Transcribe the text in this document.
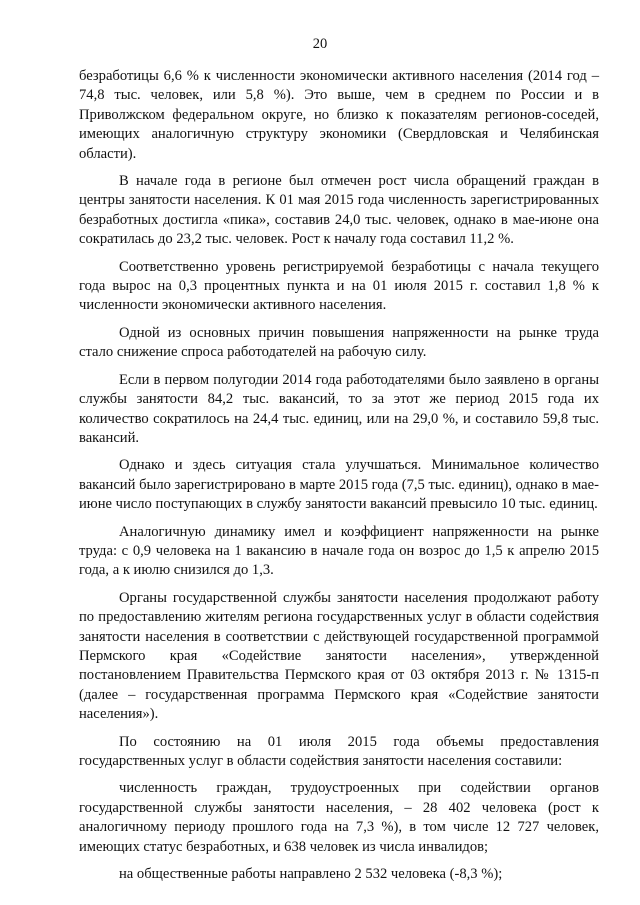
20

безработицы 6,6 % к численности экономически активного населения (2014 год – 74,8 тыс. человек, или 5,8 %). Это выше, чем в среднем по России и в Приволжском федеральном округе, но близко к показателям регионов-соседей, имеющих аналогичную структуру экономики (Свердловская и Челябинская области).

В начале года в регионе был отмечен рост числа обращений граждан в центры занятости населения. К 01 мая 2015 года численность зарегистрированных безработных достигла «пика», составив 24,0 тыс. человек, однако в мае-июне она сократилась до 23,2 тыс. человек. Рост к началу года составил 11,2 %.

Соответственно уровень регистрируемой безработицы с начала текущего года вырос на 0,3 процентных пункта и на 01 июля 2015 г. составил 1,8 % к численности экономически активного населения.

Одной из основных причин повышения напряженности на рынке труда стало снижение спроса работодателей на рабочую силу.

Если в первом полугодии 2014 года работодателями было заявлено в органы службы занятости 84,2 тыс. вакансий, то за этот же период 2015 года их количество сократилось на 24,4 тыс. единиц, или на 29,0 %, и составило 59,8 тыс. вакансий.

Однако и здесь ситуация стала улучшаться. Минимальное количество вакансий было зарегистрировано в марте 2015 года (7,5 тыс. единиц), однако в мае-июне число поступающих в службу занятости вакансий превысило 10 тыс. единиц.

Аналогичную динамику имел и коэффициент напряженности на рынке труда: с 0,9 человека на 1 вакансию в начале года он возрос до 1,5 к апрелю 2015 года, а к июлю снизился до 1,3.

Органы государственной службы занятости населения продолжают работу по предоставлению жителям региона государственных услуг в области содействия занятости населения в соответствии с действующей государственной программой Пермского края «Содействие занятости населения», утвержденной постановлением Правительства Пермского края от 03 октября 2013 г. № 1315-п (далее – государственная программа Пермского края «Содействие занятости населения»).

По состоянию на 01 июля 2015 года объемы предоставления государственных услуг в области содействия занятости населения составили:

численность граждан, трудоустроенных при содействии органов государственной службы занятости населения, – 28 402 человека (рост к аналогичному периоду прошлого года на 7,3 %), в том числе 12 727 человек, имеющих статус безработных, и 638 человек из числа инвалидов;

на общественные работы направлено 2 532 человека (-8,3 %);
